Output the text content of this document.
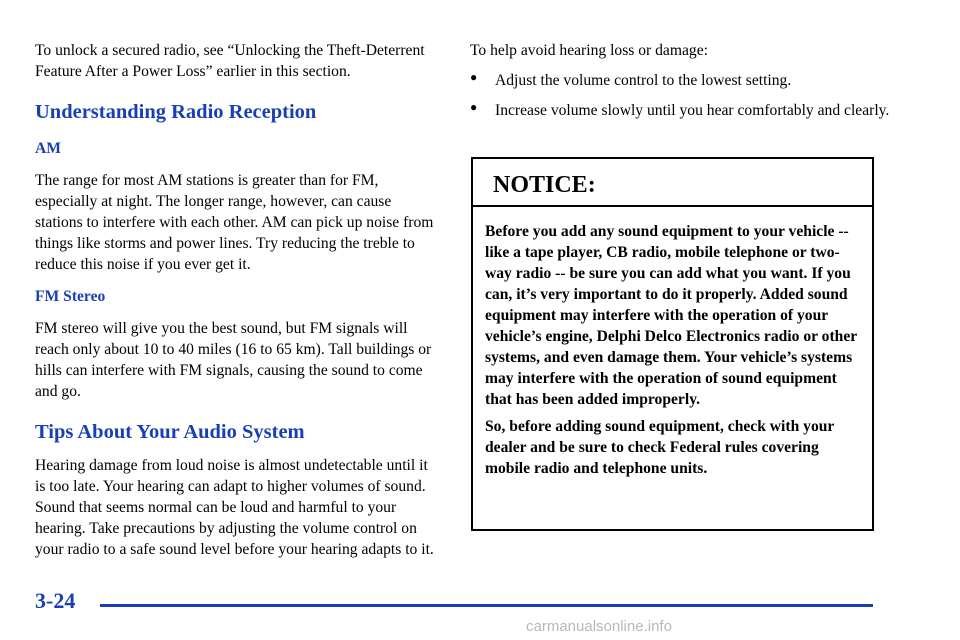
To unlock a secured radio, see “Unlocking the Theft‑Deterrent Feature After a Power Loss” earlier in this section.

Understanding Radio Reception
AM

The range for most AM stations is greater than for FM, especially at night. The longer range, however, can cause stations to interfere with each other. AM can pick up noise from things like storms and power lines. Try reducing the treble to reduce this noise if you ever get it.

FM Stereo

FM stereo will give you the best sound, but FM signals will reach only about 10 to 40 miles (16 to 65 km). Tall buildings or hills can interfere with FM signals, causing the sound to come and go.

Tips About Your Audio System

Hearing damage from loud noise is almost undetectable until it is too late. Your hearing can adapt to higher volumes of sound. Sound that seems normal can be loud and harmful to your hearing. Take precautions by adjusting the volume control on your radio to a safe sound level before your hearing adapts to it.

To help avoid hearing loss or damage:

●	Adjust the volume control to the lowest setting.

●	Increase volume slowly until you hear comfortably and clearly.

NOTICE:

Before you add any sound equipment to your vehicle -- like a tape player, CB radio, mobile telephone or two-way radio -- be sure you can add what you want. If you can, it’s very important to do it properly. Added sound equipment may interfere with the operation of your vehicle’s engine, Delphi Delco Electronics radio or other systems, and even damage them. Your vehicle’s systems may interfere with the operation of sound equipment that has been added improperly.

So, before adding sound equipment, check with your dealer and be sure to check Federal rules covering mobile radio and telephone units.

3-24
carmanualsonline.info
